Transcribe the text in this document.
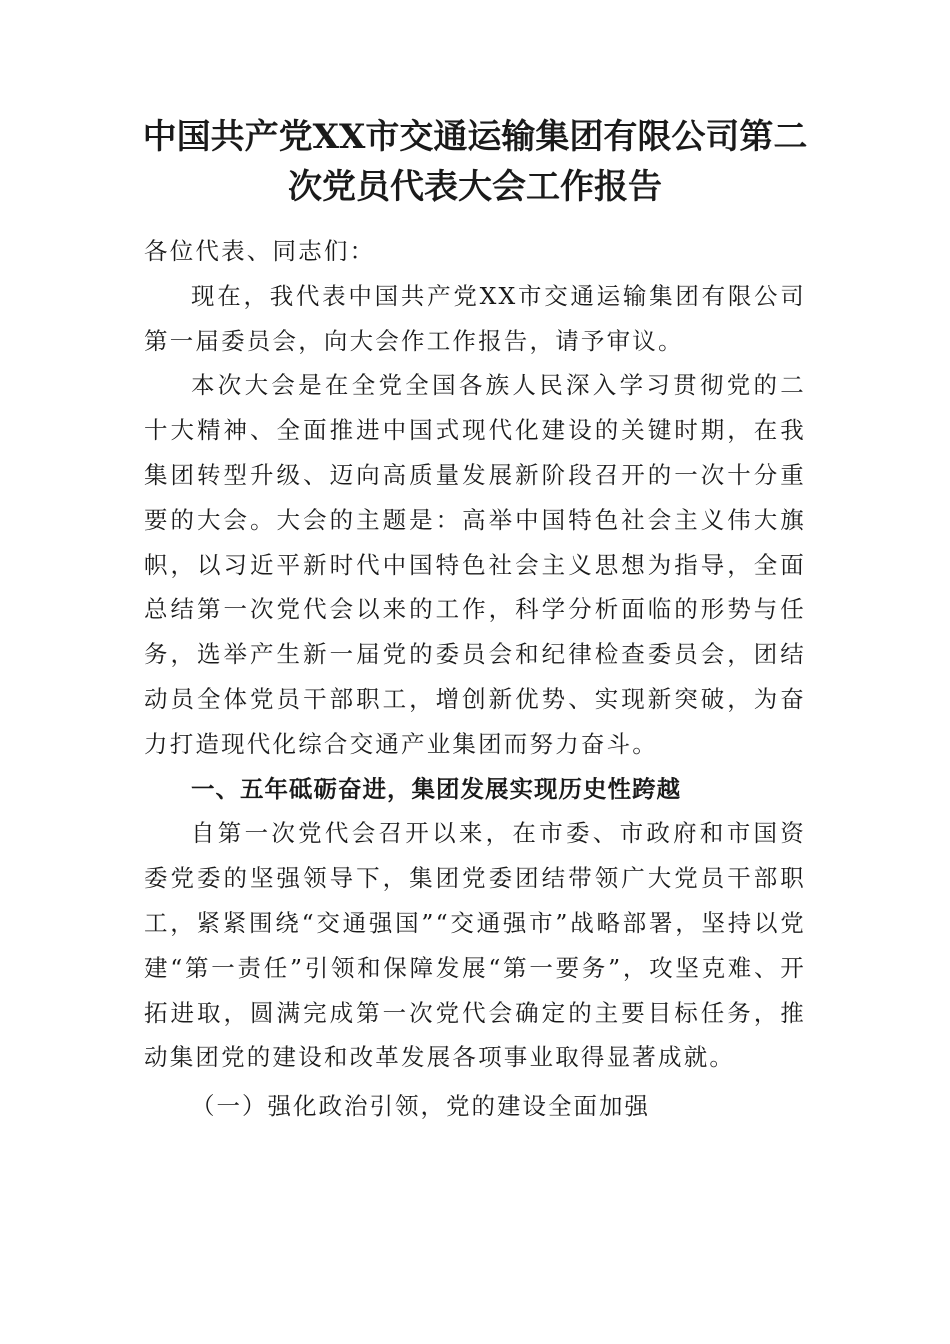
中国共产党XX市交通运输集团有限公司第二次党员代表大会工作报告

各位代表、同志们：

现在，我代表中国共产党XX市交通运输集团有限公司第一届委员会，向大会作工作报告，请予审议。

本次大会是在全党全国各族人民深入学习贯彻党的二十大精神、全面推进中国式现代化建设的关键时期，在我集团转型升级、迈向高质量发展新阶段召开的一次十分重要的大会。大会的主题是：高举中国特色社会主义伟大旗帜，以习近平新时代中国特色社会主义思想为指导，全面总结第一次党代会以来的工作，科学分析面临的形势与任务，选举产生新一届党的委员会和纪律检查委员会，团结动员全体党员干部职工，增创新优势、实现新突破，为奋力打造现代化综合交通产业集团而努力奋斗。

一、五年砥砺奋进，集团发展实现历史性跨越

自第一次党代会召开以来，在市委、市政府和市国资委党委的坚强领导下，集团党委团结带领广大党员干部职工，紧紧围绕“交通强国”“交通强市”战略部署，坚持以党建“第一责任”引领和保障发展“第一要务”，攻坚克难、开拓进取，圆满完成第一次党代会确定的主要目标任务，推动集团党的建设和改革发展各项事业取得显著成就。

（一）强化政治引领，党的建设全面加强
